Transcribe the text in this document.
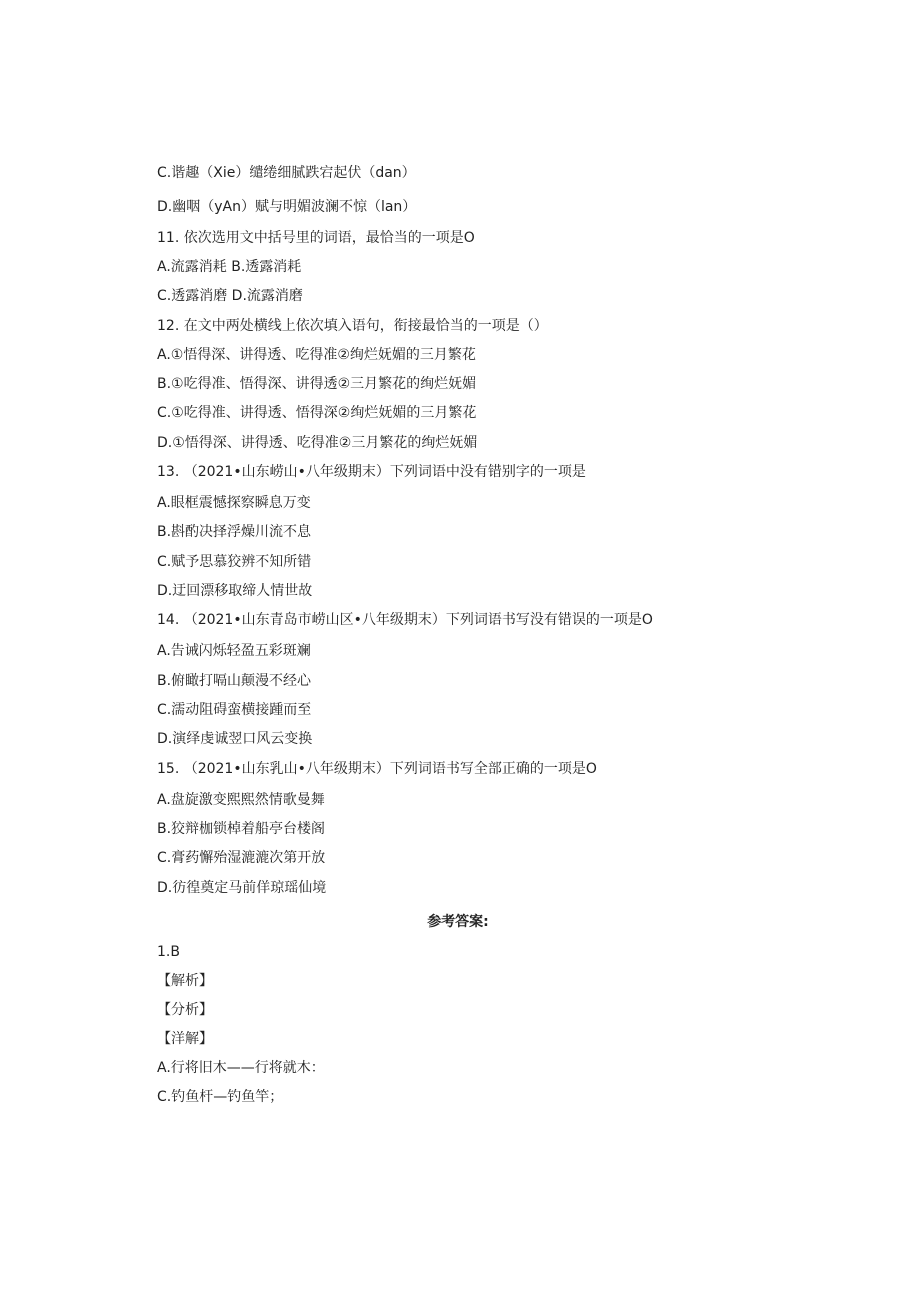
C.谐趣（Xie）缱绻细腻跌宕起伏（dan）
D.幽咽（yAn）赋与明媚波澜不惊（lan）
11. 依次选用文中括号里的词语，最恰当的一项是O
A.流露消耗 B.透露消耗
C.透露消磨 D.流露消磨
12. 在文中两处横线上依次填入语句，衔接最恰当的一项是（）
A.①悟得深、讲得透、吃得准②绚烂妩媚的三月繁花
B.①吃得准、悟得深、讲得透②三月繁花的绚烂妩媚
C.①吃得准、讲得透、悟得深②绚烂妩媚的三月繁花
D.①悟得深、讲得透、吃得准②三月繁花的绚烂妩媚
13. （2021•山东崂山•八年级期末）下列词语中没有错别字的一项是
A.眼框震憾探察瞬息万变
B.斟酌决择浮燥川流不息
C.赋予思慕狡辨不知所错
D.迂回漂移取缔人情世故
14. （2021•山东青岛市崂山区•八年级期末）下列词语书写没有错误的一项是O
A.告诫闪烁轻盈五彩斑斓
B.俯瞰打嗝山颠漫不经心
C.濡动阻碍蛮横接踵而至
D.演绎虔诚翌口风云变换
15. （2021•山东乳山•八年级期末）下列词语书写全部正确的一项是O
A.盘旋激变熙熙然情歌曼舞
B.狡辩枷锁棹着船亭台楼阁
C.膏药懈殆湿漉漉次第开放
D.彷徨奠定马前佯琼瑶仙境
参考答案:
1.B
【解析】
【分析】
【洋解】
A.行将旧木——行将就木：
C.钓鱼杆—钓鱼竿；
